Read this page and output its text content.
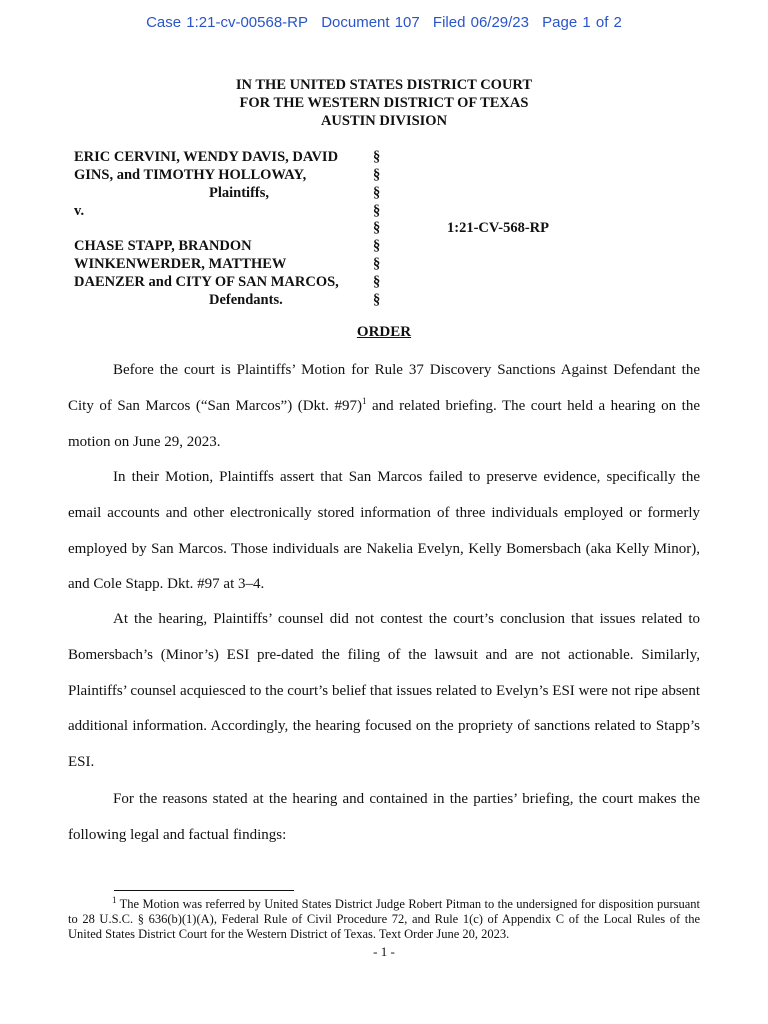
Case 1:21-cv-00568-RP Document 107 Filed 06/29/23 Page 1 of 2
IN THE UNITED STATES DISTRICT COURT
FOR THE WESTERN DISTRICT OF TEXAS
AUSTIN DIVISION
ERIC CERVINI, WENDY DAVIS, DAVID
GINS, and TIMOTHY HOLLOWAY,
Plaintiffs,
v.
CHASE STAPP, BRANDON
WINKENWERDER, MATTHEW
DAENZER and CITY OF SAN MARCOS,
Defendants.
§
§
§
§
§
§
§
§
§
1:21-CV-568-RP
ORDER

Before the court is Plaintiffs’ Motion for Rule 37 Discovery Sanctions Against Defendant the City of San Marcos (“San Marcos”) (Dkt. #97)$^1$ and related briefing. The court held a hearing on the motion on June 29, 2023.

In their Motion, Plaintiffs assert that San Marcos failed to preserve evidence, specifically the email accounts and other electronically stored information of three individuals employed or formerly employed by San Marcos. Those individuals are Nakelia Evelyn, Kelly Bomersbach (aka Kelly Minor), and Cole Stapp. Dkt. #97 at 3–4.

At the hearing, Plaintiffs’ counsel did not contest the court’s conclusion that issues related to Bomersbach’s (Minor’s) ESI pre-dated the filing of the lawsuit and are not actionable. Similarly, Plaintiffs’ counsel acquiesced to the court’s belief that issues related to Evelyn’s ESI were not ripe absent additional information. Accordingly, the hearing focused on the propriety of sanctions related to Stapp’s ESI.

For the reasons stated at the hearing and contained in the parties’ briefing, the court makes the following legal and factual findings:

$^1$ The Motion was referred by United States District Judge Robert Pitman to the undersigned for disposition pursuant to 28 U.S.C. § 636(b)(1)(A), Federal Rule of Civil Procedure 72, and Rule 1(c) of Appendix C of the Local Rules of the United States District Court for the Western District of Texas. Text Order June 20, 2023.
- 1 -
